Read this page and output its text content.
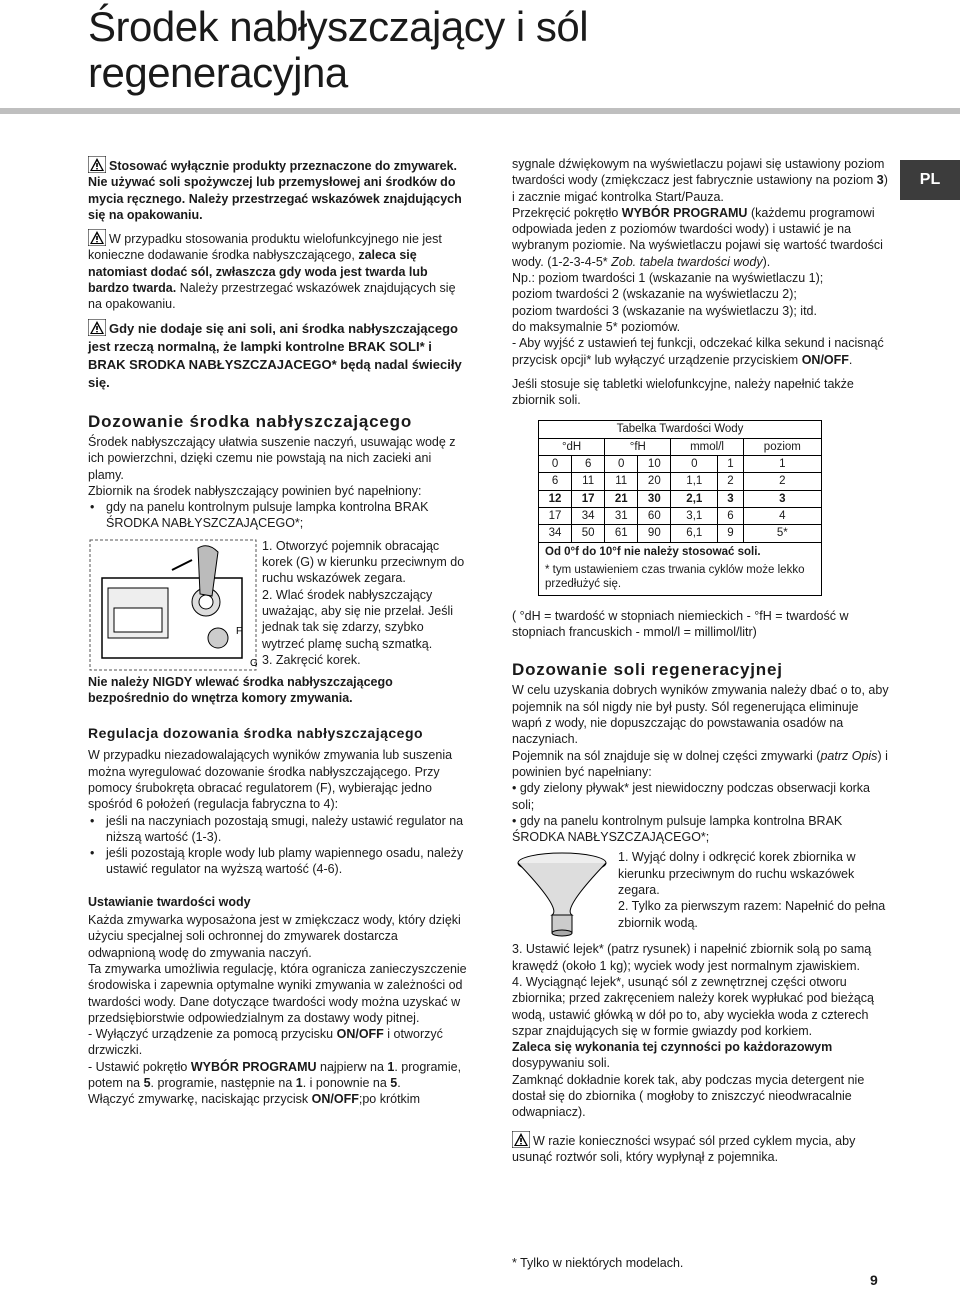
Środek nabłyszczający i sól regeneracyjna
PL
Stosować wyłącznie produkty przeznaczone do zmywarek. Nie używać soli spożywczej lub przemysłowej ani środków do mycia ręcznego. Należy przestrzegać wskazówek znajdujących się na opakowaniu.
W przypadku stosowania produktu wielofunkcyjnego nie jest konieczne dodawanie środka nabłyszczającego, zaleca się natomiast dodać sól, zwłaszcza gdy woda jest twarda lub bardzo twarda. Należy przestrzegać wskazówek znajdujących się na opakowaniu.
Gdy nie dodaje się ani soli, ani środka nabłyszczającego jest rzeczą normalną, że lampki kontrolne BRAK SOLI* i BRAK SRODKA NABŁYSZCZAJACEGO* będą nadal świeciły się.
Dozowanie środka nabłyszczającego
Środek nabłyszczający ułatwia suszenie naczyń, usuwając wodę z ich powierzchni, dzięki czemu nie powstają na nich zacieki ani plamy.
Zbiornik na środek nabłyszczający powinien być napełniony:
• gdy na panelu kontrolnym pulsuje lampka kontrolna BRAK ŚRODKA NABŁYSZCZAJĄCEGO*;
F
G
1. Otworzyć pojemnik obracając korek (G) w kierunku przeciwnym do ruchu wskazówek zegara.
2. Wlać środek nabłyszczający uważając, aby się nie przelał. Jeśli jednak tak się zdarzy, szybko wytrzeć plamę suchą szmatką.
3. Zakręcić korek.
Nie należy NIGDY wlewać środka nabłyszczającego bezpośrednio do wnętrza komory zmywania.
Regulacja dozowania środka nabłyszczającego
W przypadku niezadowalających wyników zmywania lub suszenia można wyregulować dozowanie środka nabłyszczającego. Przy pomocy śrubokręta obracać regulatorem (F), wybierając jedno spośród 6 położeń (regulacja fabryczna to 4):
• jeśli na naczyniach pozostają smugi, należy ustawić regulator na niższą wartość (1-3).
• jeśli pozostają krople wody lub plamy wapiennego osadu, należy ustawić regulator na wyższą wartość (4-6).
Ustawianie twardości wody
Każda zmywarka wyposażona jest w zmiękczacz wody, który dzięki użyciu specjalnej soli ochronnej do zmywarek dostarcza odwapnioną wodę do zmywania naczyń.
Ta zmywarka umożliwia regulację, która ogranicza zanieczyszczenie środowiska i zapewnia optymalne wyniki zmywania w zależności od twardości wody. Dane dotyczące twardości wody można uzyskać w przedsiębiorstwie odpowiedzialnym za dostawy wody pitnej.
- Wyłączyć urządzenie za pomocą przycisku ON/OFF i otworzyć drzwiczki.
- Ustawić pokrętło WYBÓR PROGRAMU najpierw na 1. programie, potem na 5. programie, następnie na 1. i ponownie na 5.
Włączyć zmywarkę, naciskając przycisk ON/OFF;po krótkim
sygnale dźwiękowym na wyświetlaczu pojawi się ustawiony poziom twardości wody (zmiękczacz jest fabrycznie ustawiony na poziom 3) i zacznie migać kontrolka Start/Pauza.
Przekręcić pokrętło WYBÓR PROGRAMU (każdemu programowi odpowiada jeden z poziomów twardości wody) i ustawić je na wybranym poziomie. Na wyświetlaczu pojawi się wartość twardości wody. (1-2-3-4-5* Zob. tabela twardości wody).
Np.: poziom twardości 1 (wskazanie na wyświetlaczu 1);
poziom twardości 2 (wskazanie na wyświetlaczu 2);
poziom twardości 3 (wskazanie na wyświetlaczu 3); itd.
do maksymalnie 5* poziomów.
- Aby wyjść z ustawień tej funkcji, odczekać kilka sekund i nacisnąć przycisk opcji* lub wyłączyć urządzenie przyciskiem ON/OFF.
Jeśli stosuje się tabletki wielofunkcyjne, należy napełnić także zbiornik soli.
Tabelka Twardości Wody						
°dH		°fH		mmol/l		poziom
0	6	0	10	0	1	1
6	11	11	20	1,1	2	2
12	17	21	30	2,1	3	3
17	34	31	60	3,1	6	4
34	50	61	90	6,1	9	5*
Od 0°f do 10°f nie należy stosować soli.
* tym ustawieniem czas trwania cyklów może lekko przedłużyć się.
( °dH = twardość w stopniach niemieckich - °fH = twardość w stopniach francuskich - mmol/l = millimol/litr)
Dozowanie soli regeneracyjnej
W celu uzyskania dobrych wyników zmywania należy dbać o to, aby pojemnik na sól nigdy nie był pusty. Sól regenerująca eliminuje wapń z wody, nie dopuszczając do powstawania osadów na naczyniach.
Pojemnik na sól znajduje się w dolnej części zmywarki (patrz Opis) i powinien być napełniany:
• gdy zielony pływak* jest niewidoczny podczas obserwacji korka soli;
• gdy na panelu kontrolnym pulsuje lampka kontrolna BRAK ŚRODKA NABŁYSZCZAJĄCEGO*;
1. Wyjąć dolny i odkręcić korek zbiornika w kierunku przeciwnym do ruchu wskazówek zegara.
2. Tylko za pierwszym razem: Napełnić do pełna zbiornik wodą.
3. Ustawić lejek* (patrz rysunek) i napełnić zbiornik solą po samą krawędź (około 1 kg); wyciek wody jest normalnym zjawiskiem.
4. Wyciągnąć lejek*, usunąć sól z zewnętrznej części otworu zbiornika; przed zakręceniem należy korek wypłukać pod bieżącą wodą, ustawić główką w dół po to, aby wyciekła woda z czterech szpar znajdujących się w formie gwiazdy pod korkiem.
Zaleca się wykonania tej czynności po każdorazowym
dosypywaniu soli.
Zamknąć dokładnie korek tak, aby podczas mycia detergent nie dostał się do zbiornika ( mogłoby to zniszczyć nieodwracalnie odwapniacz).
W razie konieczności wsypać sól przed cyklem mycia, aby usunąć roztwór soli, który wypłynął z pojemnika.
* Tylko w niektórych modelach.
9
